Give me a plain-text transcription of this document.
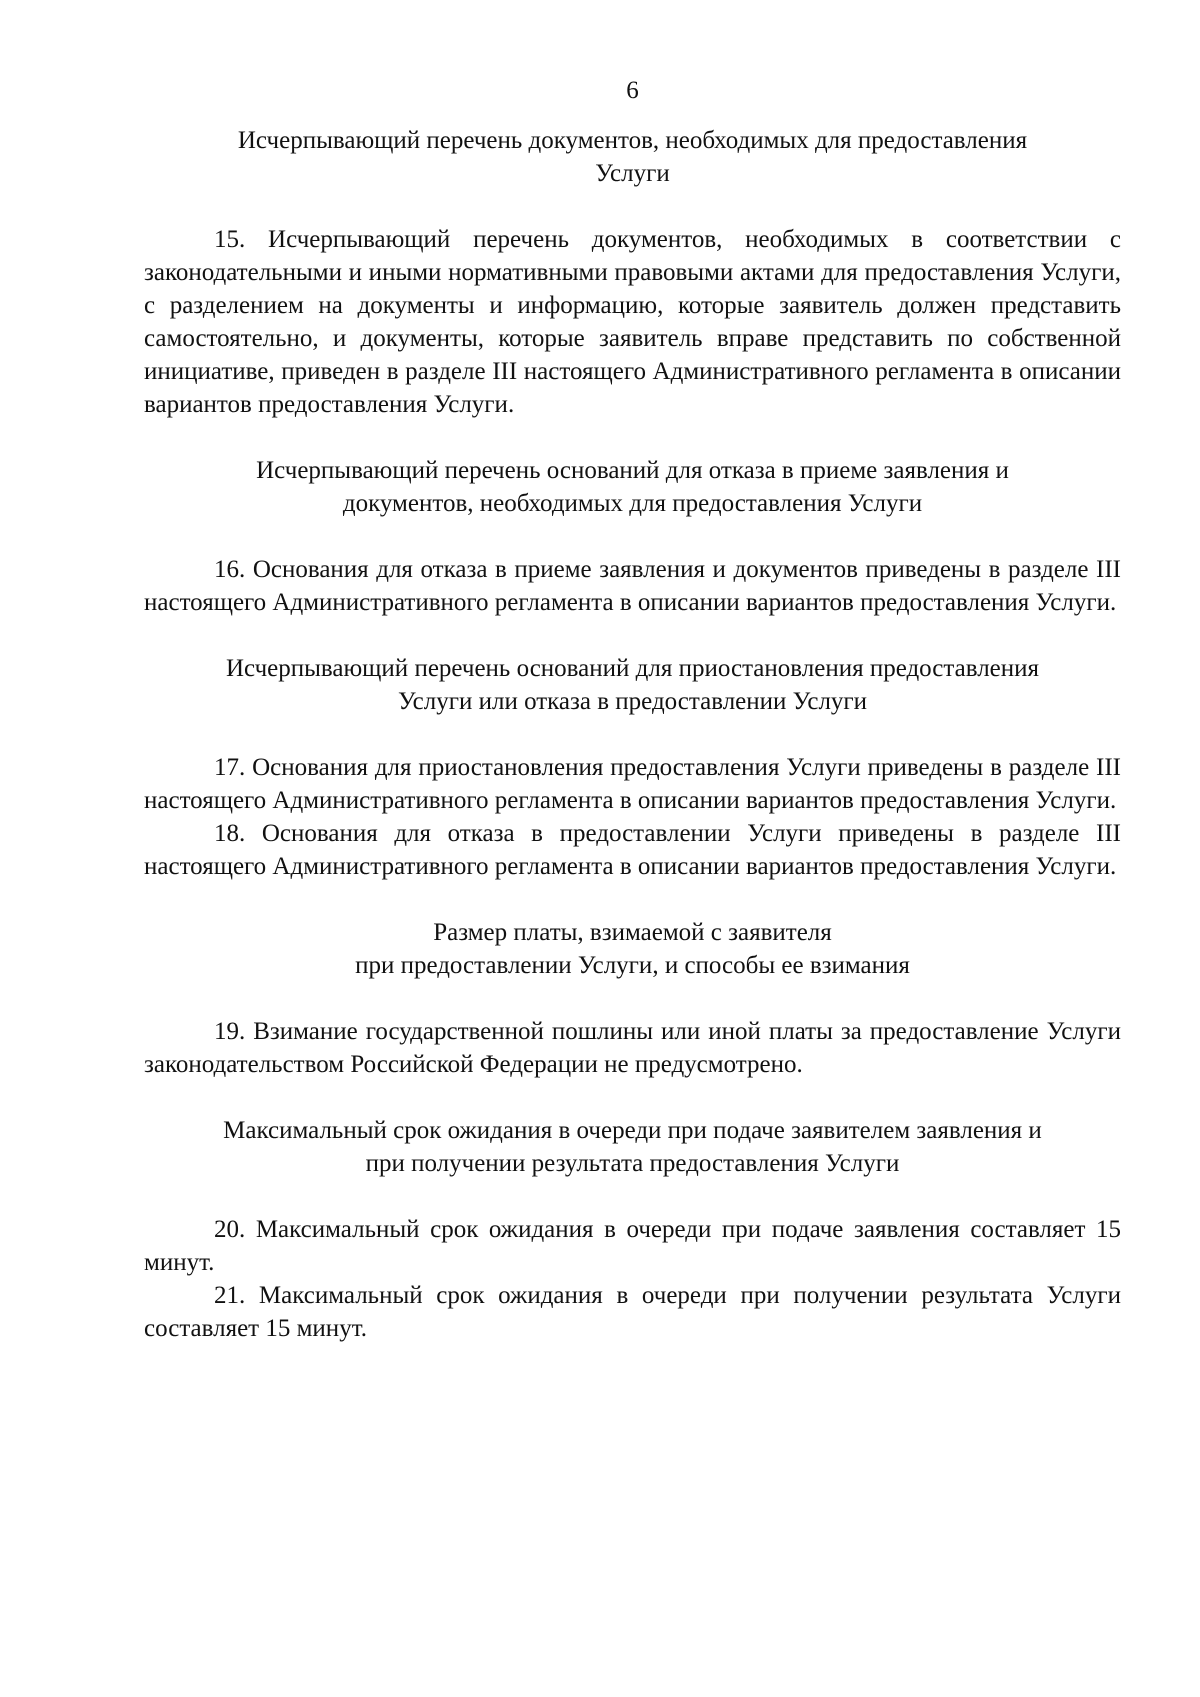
6
Исчерпывающий перечень документов, необходимых для предоставления
Услуги

15. Исчерпывающий перечень документов, необходимых в соответствии с законодательными и иными нормативными правовыми актами для предоставления Услуги, с разделением на документы и информацию, которые заявитель должен представить самостоятельно, и документы, которые заявитель вправе представить по собственной инициативе, приведен в разделе III настоящего Административного регламента в описании вариантов предоставления Услуги.

Исчерпывающий перечень оснований для отказа в приеме заявления и
документов, необходимых для предоставления Услуги

16. Основания для отказа в приеме заявления и документов приведены в разделе III настоящего Административного регламента в описании вариантов предоставления Услуги.

Исчерпывающий перечень оснований для приостановления предоставления
Услуги или отказа в предоставлении Услуги

17. Основания для приостановления предоставления Услуги приведены в разделе III настоящего Административного регламента в описании вариантов предоставления Услуги.

18. Основания для отказа в предоставлении Услуги приведены в разделе III настоящего Административного регламента в описании вариантов предоставления Услуги.

Размер платы, взимаемой с заявителя
при предоставлении Услуги, и способы ее взимания

19. Взимание государственной пошлины или иной платы за предоставление Услуги законодательством Российской Федерации не предусмотрено.

Максимальный срок ожидания в очереди при подаче заявителем заявления и
при получении результата предоставления Услуги

20. Максимальный срок ожидания в очереди при подаче заявления составляет 15 минут.

21. Максимальный срок ожидания в очереди при получении результата Услуги составляет 15 минут.
